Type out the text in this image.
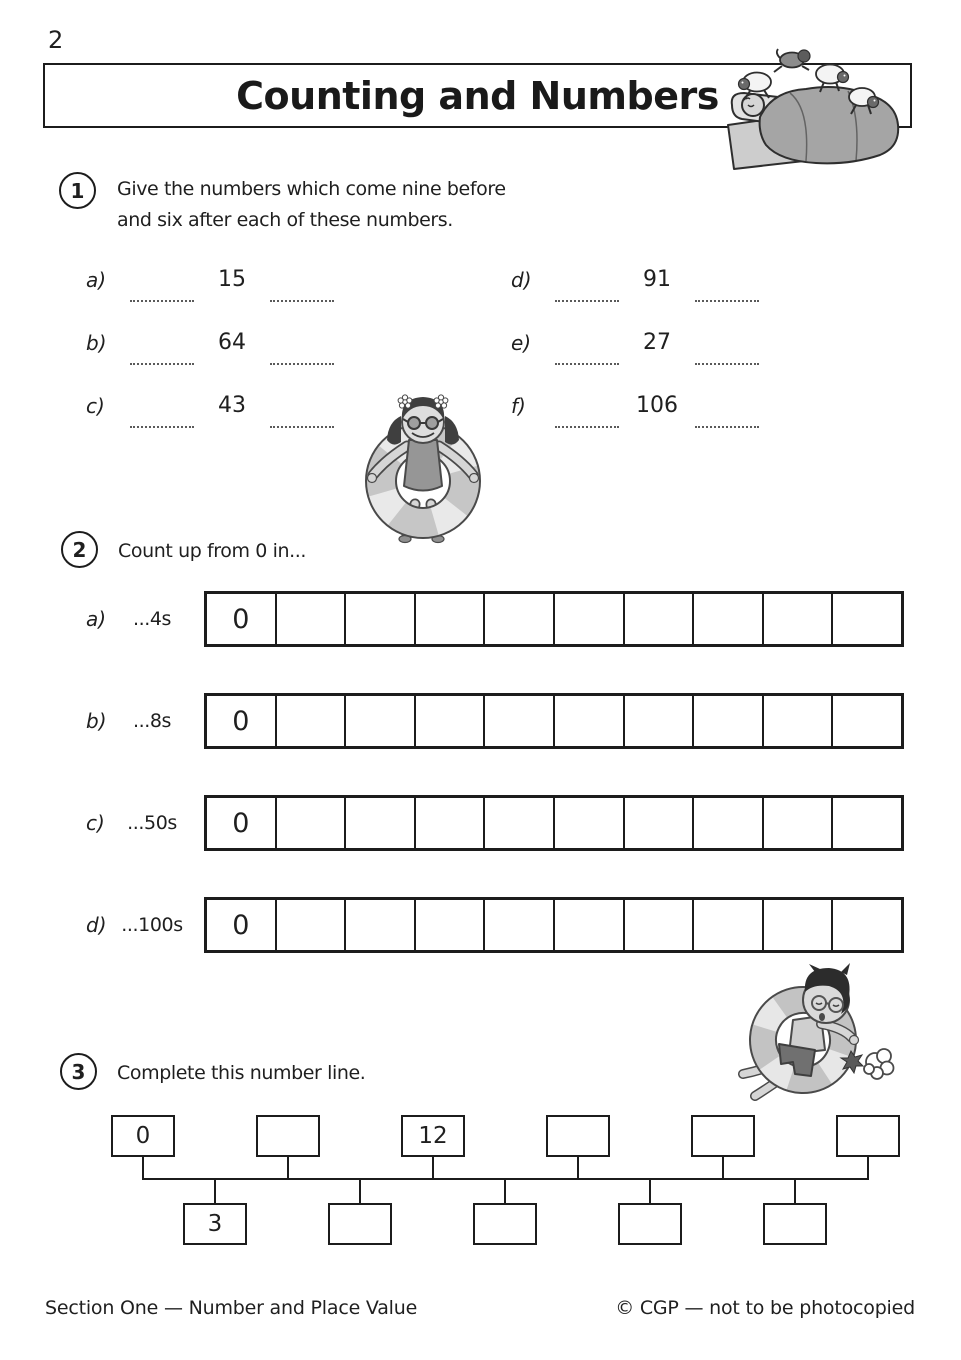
2
Counting and Numbers
1 Give the numbers which come nine before
and six after each of these numbers.
a)	15
b)	64
c)	43
d)	91
e)	27
f)	106
2 Count up from 0 in...
a)	...4s	0
b)	...8s	0
c)	...50s	0
d) ...100s	0
3 Complete this number line.
0	12
3
Section One — Number and Place Value	© CGP — not to be photocopied
